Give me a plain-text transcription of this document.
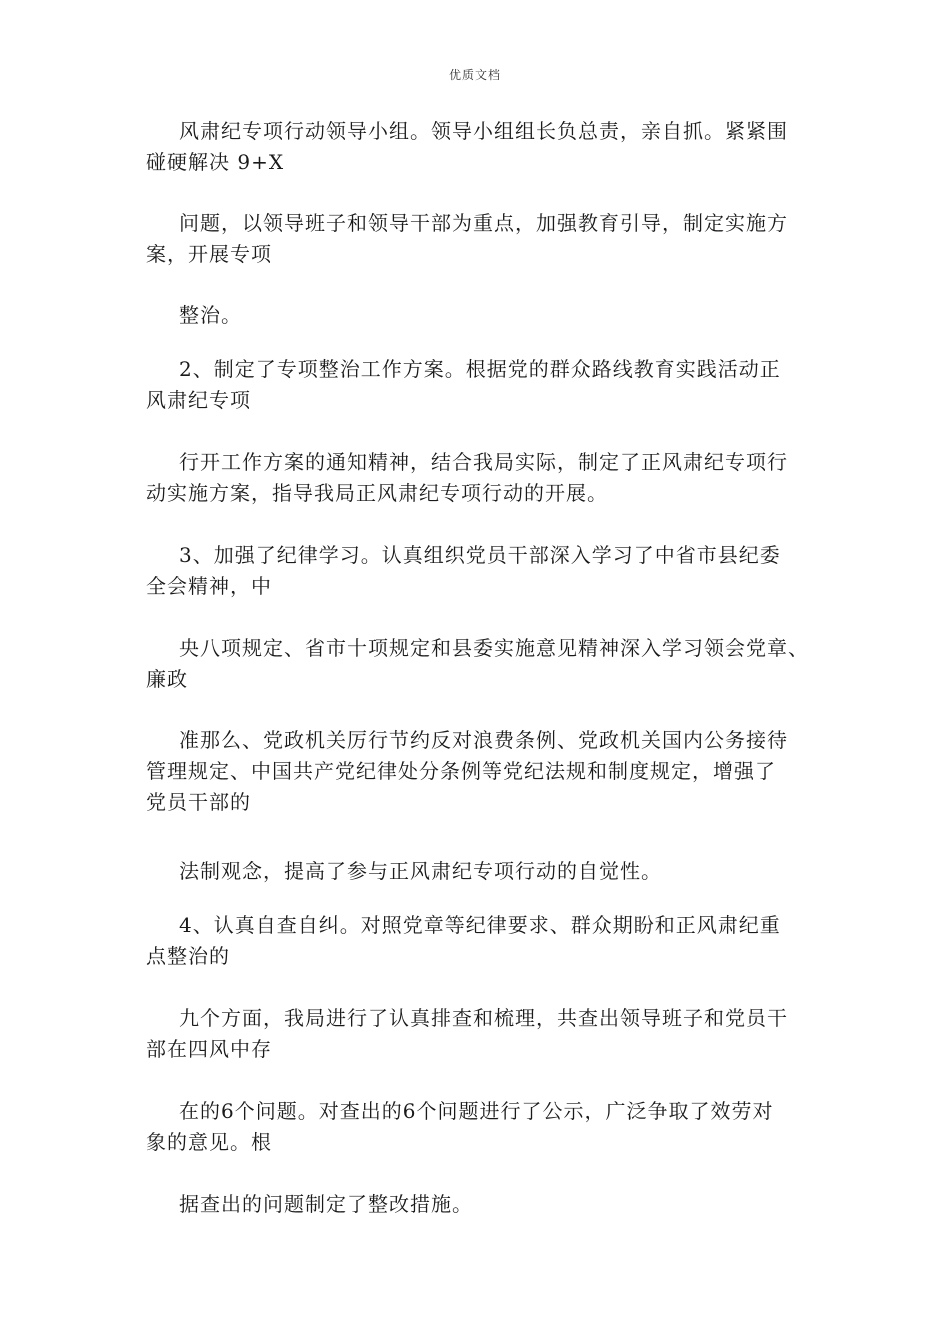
优质文档
风肃纪专项行动领导小组。领导小组组长负总责，亲自抓。紧紧围
碰硬解决 9+X
问题，以领导班子和领导干部为重点，加强教育引导，制定实施方
案，开展专项
整治。
2、制定了专项整治工作方案。根据党的群众路线教育实践活动正
风肃纪专项
行开工作方案的通知精神，结合我局实际，制定了正风肃纪专项行
动实施方案，指导我局正风肃纪专项行动的开展。
3、加强了纪律学习。认真组织党员干部深入学习了中省市县纪委
全会精神，中
央八项规定、省市十项规定和县委实施意见精神深入学习领会党章、
廉政
准那么、党政机关厉行节约反对浪费条例、党政机关国内公务接待
管理规定、中国共产党纪律处分条例等党纪法规和制度规定，增强了
党员干部的
法制观念，提高了参与正风肃纪专项行动的自觉性。
4、认真自查自纠。对照党章等纪律要求、群众期盼和正风肃纪重
点整治的
九个方面，我局进行了认真排查和梳理，共查出领导班子和党员干
部在四风中存
在的6个问题。对查出的6个问题进行了公示，广泛争取了效劳对
象的意见。根
据查出的问题制定了整改措施。
